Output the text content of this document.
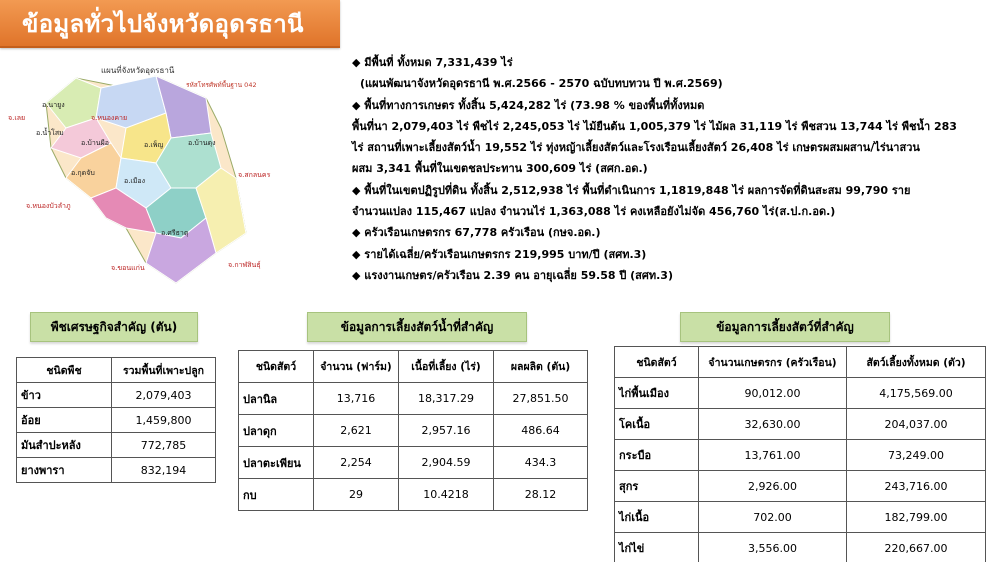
ข้อมูลทั่วไปจังหวัดอุดรธานี
แผนที่จังหวัดอุดรธานี
รหัสโทรศัพท์พื้นฐาน 042
จ.เลย	จ.หนองคาย
จ.สกลนคร
จ.หนองบัวลำภู
จ.ขอนแก่น	จ.กาฬสินธุ์
อ.นายูง
อ.น้ำโสม
อ.บ้านผือ	อ.เพ็ญ	อ.บ้านดุง
อ.กุดจับ
อ.เมือง
อ.ศรีธาตุ
◆ มีพื้นที่ ทั้งหมด 7,331,439 ไร่
(แผนพัฒนาจังหวัดอุดรธานี พ.ศ.2566 - 2570 ฉบับทบทวน ปี พ.ศ.2569)
◆ พื้นที่ทางการเกษตร ทั้งสิ้น 5,424,282 ไร่ (73.98 % ของพื้นที่ทั้งหมด
พื้นที่นา 2,079,403 ไร่ พืชไร่ 2,245,053 ไร่ ไม้ยืนต้น 1,005,379 ไร่ ไม้ผล 31,119 ไร่ พืชสวน 13,744 ไร่ พืชน้ำ 283
ไร่ สถานที่เพาะเลี้ยงสัตว์น้ำ 19,552 ไร่ ทุ่งหญ้าเลี้ยงสัตว์และโรงเรือนเลี้ยงสัตว์ 26,408 ไร่ เกษตรผสมผสาน/ไร่นาสวน
ผสม 3,341 พื้นที่ในเขตชลประทาน 300,609 ไร่ (สศก.อด.)
◆ พื้นที่ในเขตปฏิรูปที่ดิน ทั้งสิ้น 2,512,938 ไร่ พื้นที่ดำเนินการ 1,1819,848 ไร่ ผลการจัดที่ดินสะสม 99,790 ราย
จำนวนแปลง 115,467 แปลง จำนวนไร่ 1,363,088 ไร่ คงเหลือยังไม่จัด 456,760 ไร่(ส.ป.ก.อด.)
◆ ครัวเรือนเกษตรกร 67,778 ครัวเรือน (กษจ.อด.)
◆ รายได้เฉลี่ย/ครัวเรือนเกษตรกร 219,995 บาท/ปี (สศท.3)
◆ แรงงานเกษตร/ครัวเรือน 2.39 คน อายุเฉลี่ย 59.58 ปี (สศท.3)
พืชเศรษฐกิจสำคัญ (ตัน)	ข้อมูลการเลี้ยงสัตว์น้ำที่สำคัญ	ข้อมูลการเลี้ยงสัตว์ที่สำคัญ
ชนิดพืช	รวมพื้นที่เพาะปลูก
ข้าว	2,079,403
อ้อย	1,459,800
มันสำปะหลัง	772,785
ยางพารา	832,194
ชนิดสัตว์	จำนวน (ฟาร์ม)	เนื้อที่เลี้ยง (ไร่)	ผลผลิต (ตัน)
ปลานิล	13,716	18,317.29	27,851.50
ปลาดุก	2,621	2,957.16	486.64
ปลาตะเพียน	2,254	2,904.59	434.3
กบ	29	10.4218	28.12
ชนิดสัตว์	จำนวนเกษตรกร (ครัวเรือน)	สัตว์เลี้ยงทั้งหมด (ตัว)
ไก่พื้นเมือง	90,012.00	4,175,569.00
โคเนื้อ	32,630.00	204,037.00
กระบือ	13,761.00	73,249.00
สุกร	2,926.00	243,716.00
ไก่เนื้อ	702.00	182,799.00
ไก่ไข่	3,556.00	220,667.00
